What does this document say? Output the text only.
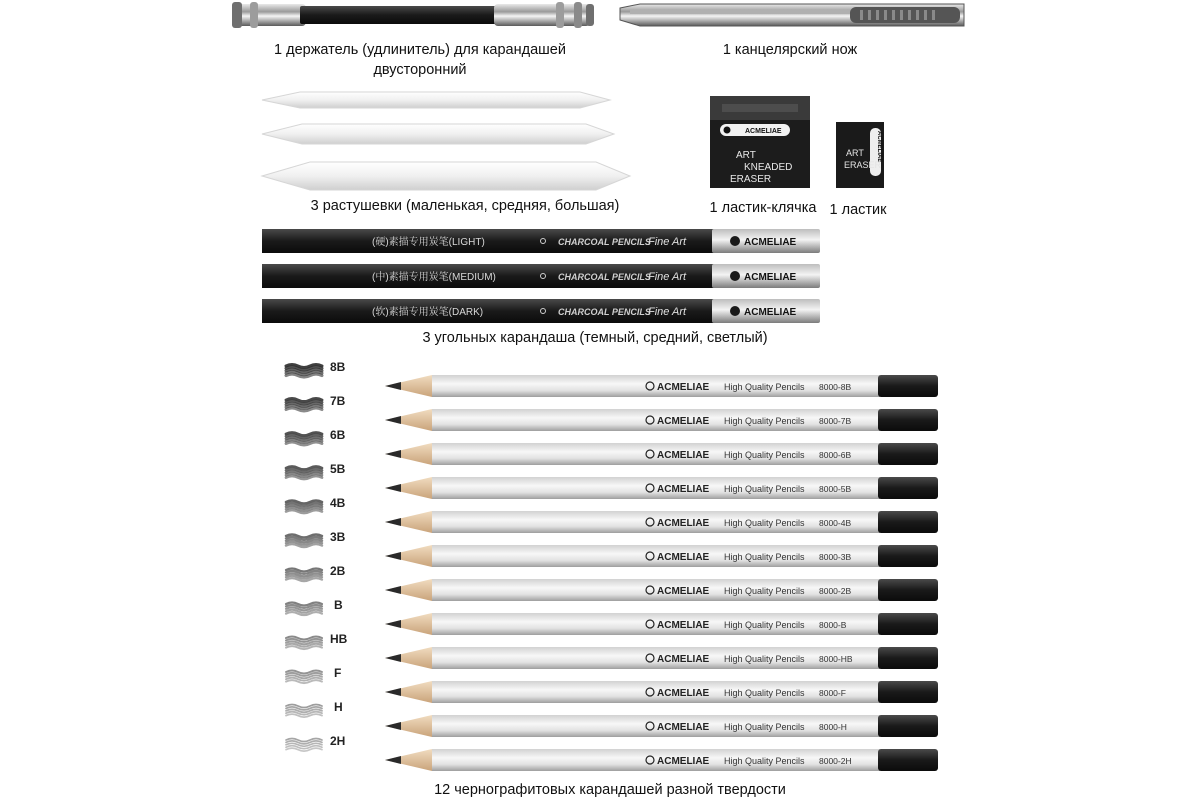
ACMELIAE
ART
KNEADED
ERASER
ACMELIAE
ART
ERASER
(硬)素描专用炭笔(LIGHT)	CHARCOAL PENCILS
Fine Art	ACMELIAE
(中)素描专用炭笔(MEDIUM)	CHARCOAL PENCILS
Fine Art	ACMELIAE
(软)素描专用炭笔(DARK)	CHARCOAL PENCILS
Fine Art	ACMELIAE
ACMELIAE High Quality Pencils 8000-8B
ACMELIAE High Quality Pencils 8000-7B
ACMELIAE High Quality Pencils 8000-6B
ACMELIAE High Quality Pencils 8000-5B
ACMELIAE High Quality Pencils 8000-4B
ACMELIAE High Quality Pencils 8000-3B
ACMELIAE High Quality Pencils 8000-2B
ACMELIAE High Quality Pencils 8000-B
ACMELIAE High Quality Pencils 8000-HB
ACMELIAE High Quality Pencils 8000-F
ACMELIAE High Quality Pencils 8000-H
ACMELIAE High Quality Pencils 8000-2H
1 держатель (удлинитель) для карандашей
двусторонний
1 канцелярский нож
3 растушевки (маленькая, средняя, большая)	1 ластик-клячка 1 ластик
3 угольных карандаша (темный, средний, светлый)
12 чернографитовых карандашей разной твердости
8B
7B
6B
5B
4B
3B
2B
B
HB
F
H
2H
